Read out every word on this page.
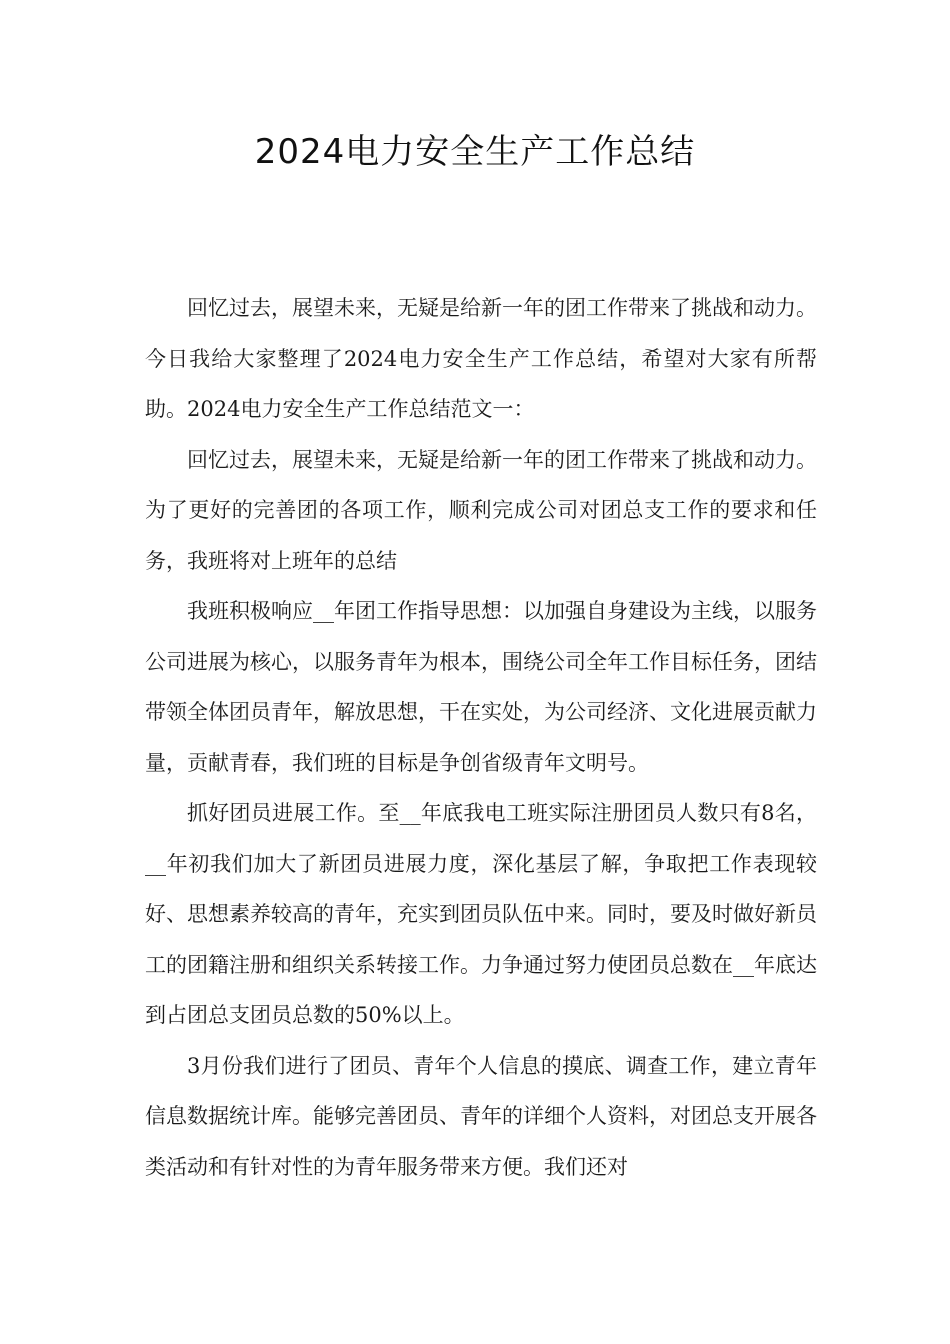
2024电力安全生产工作总结

回忆过去，展望未来，无疑是给新一年的团工作带来了挑战和动力。今日我给大家整理了2024电力安全生产工作总结，希望对大家有所帮助。2024电力安全生产工作总结范文一：

回忆过去，展望未来，无疑是给新一年的团工作带来了挑战和动力。为了更好的完善团的各项工作，顺利完成公司对团总支工作的要求和任务，我班将对上班年的总结

我班积极响应__年团工作指导思想：以加强自身建设为主线，以服务公司进展为核心，以服务青年为根本，围绕公司全年工作目标任务，团结带领全体团员青年，解放思想，干在实处，为公司经济、文化进展贡献力量，贡献青春，我们班的目标是争创省级青年文明号。

抓好团员进展工作。至__年底我电工班实际注册团员人数只有8名，__年初我们加大了新团员进展力度，深化基层了解，争取把工作表现较好、思想素养较高的青年，充实到团员队伍中来。同时，要及时做好新员工的团籍注册和组织关系转接工作。力争通过努力使团员总数在__年底达到占团总支团员总数的50%以上。

3月份我们进行了团员、青年个人信息的摸底、调查工作，建立青年信息数据统计库。能够完善团员、青年的详细个人资料，对团总支开展各类活动和有针对性的为青年服务带来方便。我们还对
